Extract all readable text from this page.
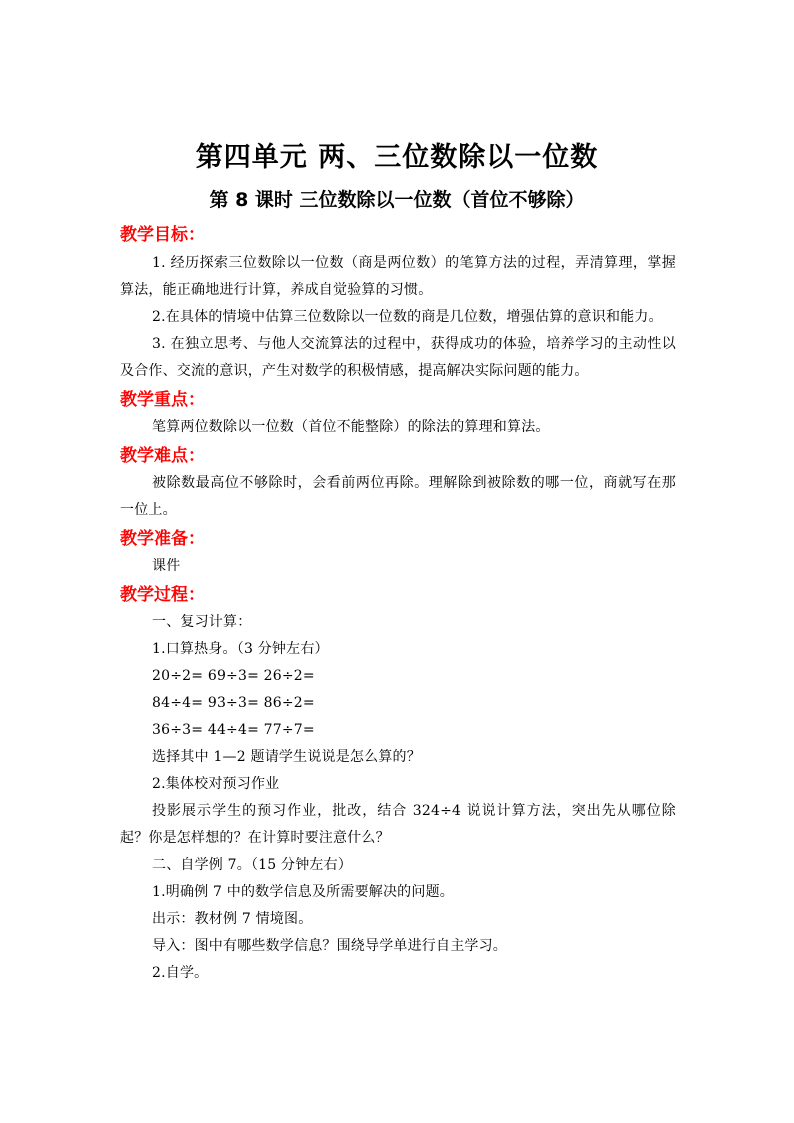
第四单元 两、三位数除以一位数
第 8 课时 三位数除以一位数（首位不够除）

教学目标：

1. 经历探索三位数除以一位数（商是两位数）的笔算方法的过程，弄清算理，掌握算法，能正确地进行计算，养成自觉验算的习惯。

2.在具体的情境中估算三位数除以一位数的商是几位数，增强估算的意识和能力。

3. 在独立思考、与他人交流算法的过程中，获得成功的体验，培养学习的主动性以及合作、交流的意识，产生对数学的积极情感，提高解决实际问题的能力。

教学重点：

笔算两位数除以一位数（首位不能整除）的除法的算理和算法。

教学难点：

被除数最高位不够除时，会看前两位再除。理解除到被除数的哪一位，商就写在那一位上。

教学准备：

课件

教学过程：

一、复习计算：

1.口算热身。（3 分钟左右）

20÷2= 69÷3= 26÷2=

84÷4= 93÷3= 86÷2=

36÷3= 44÷4= 77÷7=

选择其中 1—2 题请学生说说是怎么算的？

2.集体校对预习作业

投影展示学生的预习作业，批改，结合 324÷4 说说计算方法，突出先从哪位除起？你是怎样想的？在计算时要注意什么？

二、自学例 7。（15 分钟左右）

1.明确例 7 中的数学信息及所需要解决的问题。

出示：教材例 7 情境图。

导入：图中有哪些数学信息？围绕导学单进行自主学习。

2.自学。
